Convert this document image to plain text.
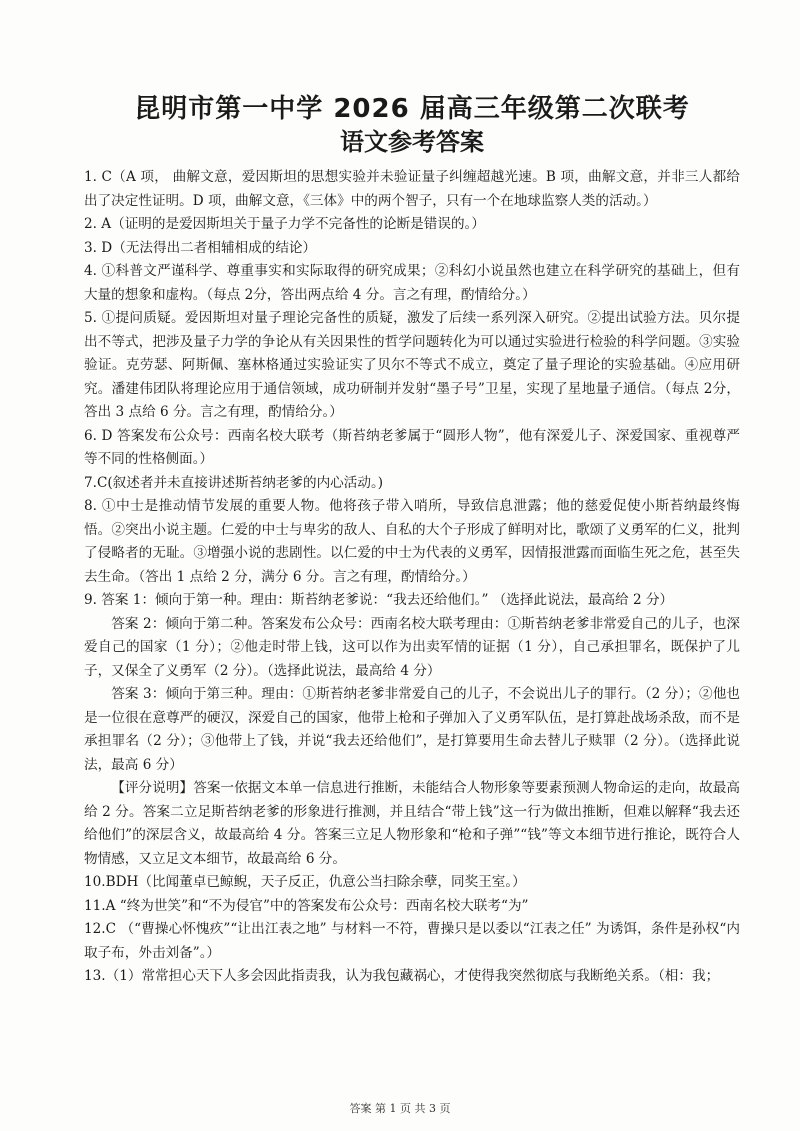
昆明市第一中学 2026 届高三年级第二次联考
语文参考答案

1. C（A 项， 曲解文意，爱因斯坦的思想实验并未验证量子纠缠超越光速。B 项，曲解文意，并非三人都给出了决定性证明。D 项，曲解文意，《三体》中的两个智子，只有一个在地球监察人类的活动。）

2. A（证明的是爱因斯坦关于量子力学不完备性的论断是错误的。）

3. D（无法得出二者相辅相成的结论）

4. ①科普文严谨科学、尊重事实和实际取得的研究成果；②科幻小说虽然也建立在科学研究的基础上，但有大量的想象和虚构。（每点 2分，答出两点给 4 分。言之有理，酌情给分。）

5. ①提问质疑。爱因斯坦对量子理论完备性的质疑，激发了后续一系列深入研究。②提出试验方法。贝尔提出不等式，把涉及量子力学的争论从有关因果性的哲学问题转化为可以通过实验进行检验的科学问题。③实验验证。克劳瑟、阿斯佩、塞林格通过实验证实了贝尔不等式不成立，奠定了量子理论的实验基础。④应用研究。潘建伟团队将理论应用于通信领域，成功研制并发射“墨子号”卫星，实现了星地量子通信。（每点 2分，答出 3 点给 6 分。言之有理，酌情给分。）

6. D 答案发布公众号：西南名校大联考（斯苔纳老爹属于“圆形人物”，他有深爱儿子、深爱国家、重视尊严等不同的性格侧面。）

7.C(叙述者并未直接讲述斯苔纳老爹的内心活动。)

8. ①中士是推动情节发展的重要人物。他将孩子带入哨所，导致信息泄露；他的慈爱促使小斯苔纳最终悔悟。②突出小说主题。仁爱的中士与卑劣的敌人、自私的大个子形成了鲜明对比，歌颂了义勇军的仁义，批判了侵略者的无耻。③增强小说的悲剧性。以仁爱的中士为代表的义勇军，因情报泄露而面临生死之危，甚至失去生命。（答出 1 点给 2 分，满分 6 分。言之有理，酌情给分。）

9. 答案 1：倾向于第一种。理由：斯苔纳老爹说：“我去还给他们。” （选择此说法，最高给 2 分）

答案 2：倾向于第二种。答案发布公众号：西南名校大联考理由：①斯苔纳老爹非常爱自己的儿子，也深爱自己的国家（1 分）；②他走时带上钱，这可以作为出卖军情的证据（1 分），自己承担罪名，既保护了儿子，又保全了义勇军（2 分）。（选择此说法，最高给 4 分）

答案 3：倾向于第三种。理由：①斯苔纳老爹非常爱自己的儿子，不会说出儿子的罪行。（2 分）；②他也是一位很在意尊严的硬汉，深爱自己的国家，他带上枪和子弹加入了义勇军队伍，是打算赴战场杀敌，而不是承担罪名（2 分）；③他带上了钱，并说“我去还给他们”，是打算要用生命去替儿子赎罪（2 分）。（选择此说法，最高 6 分）

【评分说明】答案一依据文本单一信息进行推断，未能结合人物形象等要素预测人物命运的走向，故最高给 2 分。答案二立足斯苔纳老爹的形象进行推测，并且结合“带上钱”这一行为做出推断，但难以解释“我去还给他们”的深层含义，故最高给 4 分。答案三立足人物形象和“枪和子弹”“钱”等文本细节进行推论，既符合人物情感，又立足文本细节，故最高给 6 分。

10.BDH（比闻董卓已鲸鲵，天子反正，仇意公当扫除余孽，同奖王室。）

11.A “终为世笑”和“不为侵官”中的答案发布公众号：西南名校大联考“为”

12.C （“曹操心怀愧疚”“让出江表之地” 与材料一不符，曹操只是以委以“江表之任” 为诱饵，条件是孙权“内取子布，外击刘备”。）

13.（1）常常担心天下人多会因此指责我，认为我包藏祸心，才使得我突然彻底与我断绝关系。（相：我；

答案 第 1 页 共 3 页
